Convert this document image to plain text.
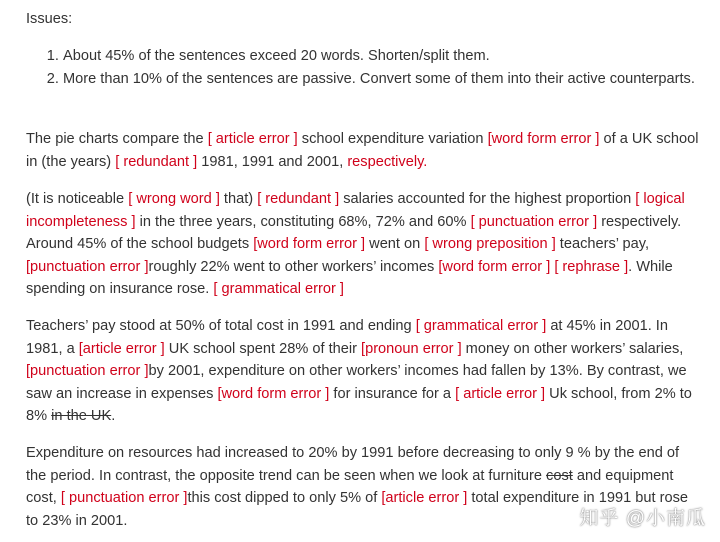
Issues:
1. About 45% of the sentences exceed 20 words. Shorten/split them.
2. More than 10% of the sentences are passive. Convert some of them into their active counterparts.

The pie charts compare the [ article error ] school expenditure variation [word form error ] of a UK school in (the years) [ redundant ] 1981, 1991 and 2001, respectively.

(It is noticeable [ wrong word ] that) [ redundant ] salaries accounted for the highest proportion [ logical incompleteness ] in the three years, constituting 68%, 72% and 60% [ punctuation error ] respectively. Around 45% of the school budgets [word form error ] went on [ wrong preposition ] teachers’ pay, [punctuation error ]roughly 22% went to other workers’ incomes [word form error ] [ rephrase ]. While spending on insurance rose. [ grammatical error ]

Teachers’ pay stood at 50% of total cost in 1991 and ending [ grammatical error ] at 45% in 2001. In 1981, a [article error ] UK school spent 28% of their [pronoun error ] money on other workers’ salaries, [punctuation error ]by 2001, expenditure on other workers’ incomes had fallen by 13%. By contrast, we saw an increase in expenses [word form error ] for insurance for a [ article error ] Uk school, from 2% to 8% in the UK.

Expenditure on resources had increased to 20% by 1991 before decreasing to only 9 % by the end of the period. In contrast, the opposite trend can be seen when we look at furniture cost and equipment cost, [ punctuation error ]this cost dipped to only 5% of [article error ] total expenditure in 1991 but rose to 23% in 2001.	知乎 @小南瓜
